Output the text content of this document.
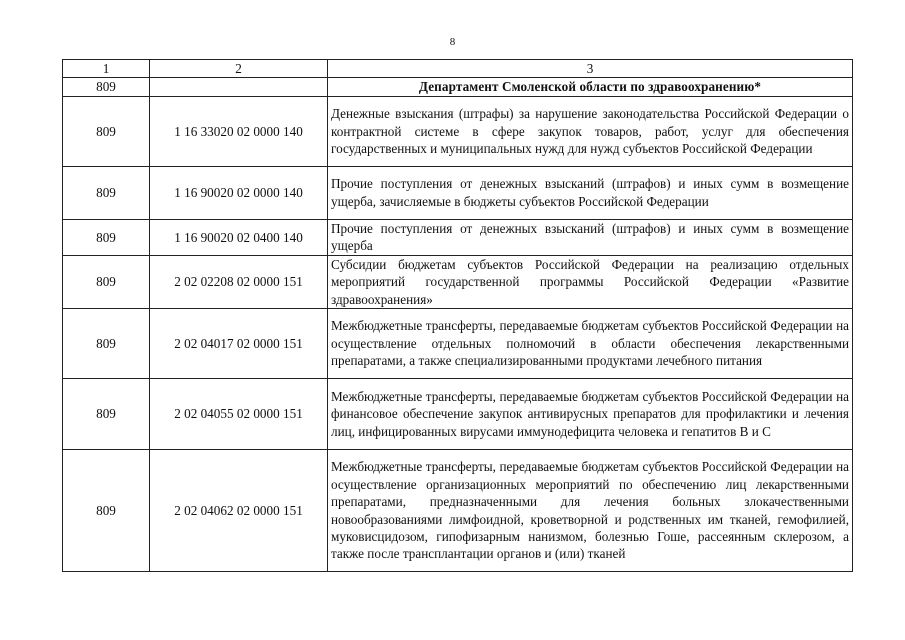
8
1	2	3
809		Департамент Смоленской области по здравоохранению*
809	1 16 33020 02 0000 140	Денежные взыскания (штрафы) за нарушение законодательства Российской Федерации о контрактной системе в сфере закупок товаров, работ, услуг для обеспечения государственных и муниципальных нужд для нужд субъектов Российской Федерации
809	1 16 90020 02 0000 140	Прочие поступления от денежных взысканий (штрафов) и иных сумм в возмещение ущерба, зачисляемые в бюджеты субъектов Российской Федерации
809	1 16 90020 02 0400 140	Прочие поступления от денежных взысканий (штрафов) и иных сумм в возмещение ущерба
809	2 02 02208 02 0000 151	Субсидии бюджетам субъектов Российской Федерации на реализацию отдельных мероприятий государственной программы Российской Федерации «Развитие здравоохранения»
809	2 02 04017 02 0000 151	Межбюджетные трансферты, передаваемые бюджетам субъектов Российской Федерации на осуществление отдельных полномочий в области обеспечения лекарственными препаратами, а также специализированными продуктами лечебного питания
809	2 02 04055 02 0000 151	Межбюджетные трансферты, передаваемые бюджетам субъектов Российской Федерации на финансовое обеспечение закупок антивирусных препаратов для профилактики и лечения лиц, инфицированных вирусами иммунодефицита человека и гепатитов В и С
809	2 02 04062 02 0000 151	Межбюджетные трансферты, передаваемые бюджетам субъектов Российской Федерации на осуществление организационных мероприятий по обеспечению лиц лекарственными препаратами, предназначенными для лечения больных злокачественными новообразованиями лимфоидной, кроветворной и родственных им тканей, гемофилией, муковисцидозом, гипофизарным нанизмом, болезнью Гоше, рассеянным склерозом, а также после трансплантации органов и (или) тканей
